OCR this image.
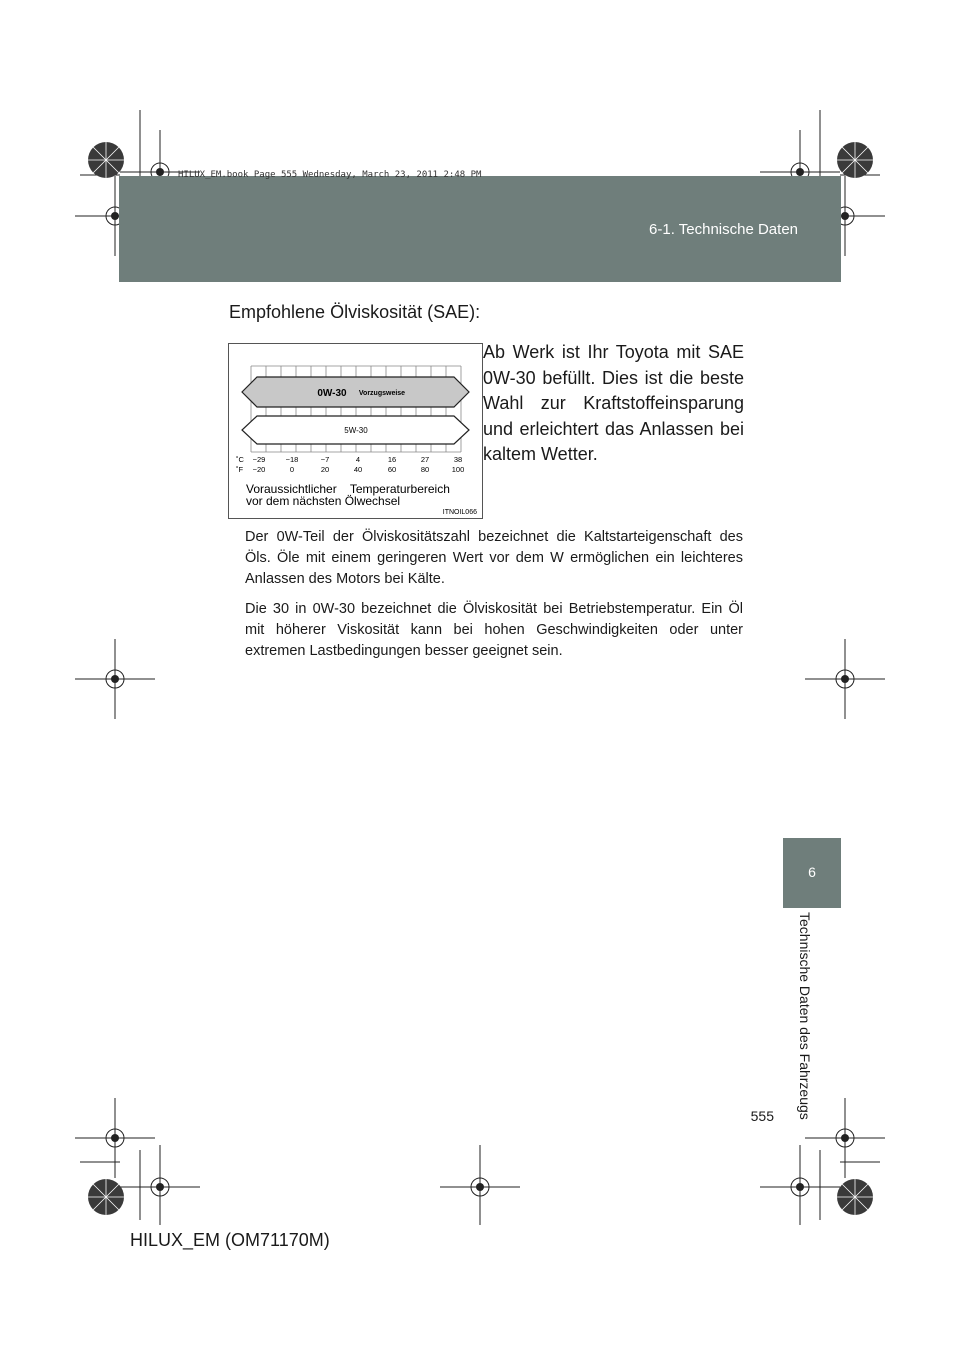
HILUX_EM.book Page 555 Wednesday, March 23, 2011 2:48 PM
6-1. Technische Daten
6
Technische Daten des Fahrzeugs
Empfohlene Ölviskosität (SAE):

Ab Werk ist Ihr Toyota mit SAE 0W-30 befüllt. Dies ist die beste Wahl zur Kraftstoffeinsparung und erleichtert das Anlassen bei kaltem Wetter.

0W-30 Vorzugsweise
5W-30
˚C
˚F
−29	−18	−7	4	16	27	38
−20	0	20	40	60	80	100
Voraussichtlicher    Temperaturbereich
vor dem nächsten Ölwechsel
ITNOIL066

Der 0W-Teil der Ölviskositätszahl bezeichnet die Kaltstarteigenschaft des Öls. Öle mit einem geringeren Wert vor dem W ermöglichen ein leichteres Anlassen des Motors bei Kälte.

Die 30 in 0W-30 bezeichnet die Ölviskosität bei Betriebstemperatur. Ein Öl mit höherer Viskosität kann bei hohen Geschwindigkeiten oder unter extremen Lastbedingungen besser geeignet sein.

555
HILUX_EM (OM71170M)
